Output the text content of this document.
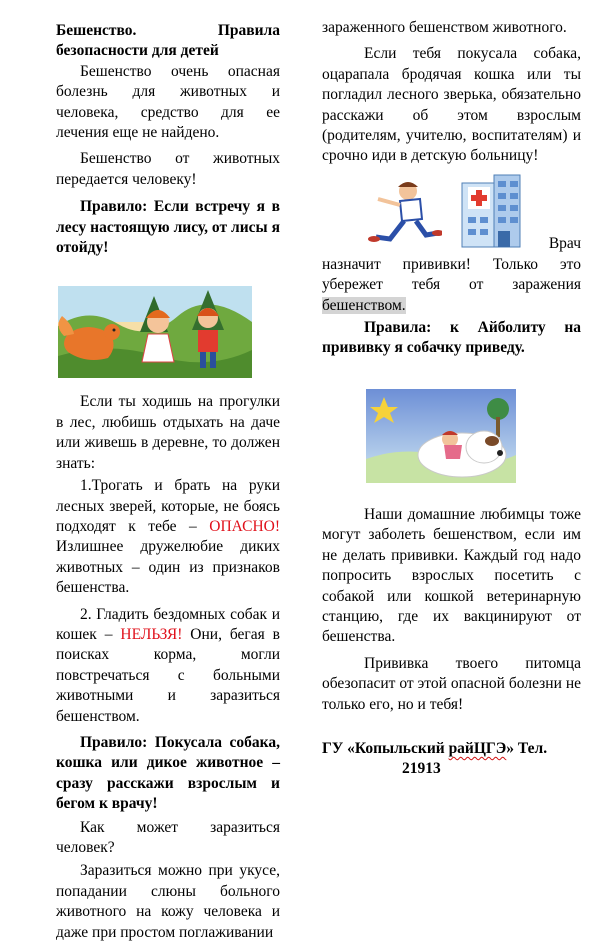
Бешенство.	Правила

безопасности для детей

Бешенство очень опасная болезнь для животных и человека, средство для ее лечения еще не найдено.

Бешенство от животных передается человеку!

Правило: Если встречу я в лесу настоящую лису, от лисы я отойду!

Если ты ходишь на прогулки в лес, любишь отдыхать на даче или живешь в деревне, то должен знать:

1.Трогать и брать на руки лесных зверей, которые, не боясь подходят к тебе – ОПАСНО! Излишнее дружелюбие диких животных – один из признаков бешенства.

2. Гладить бездомных собак и кошек – НЕЛЬЗЯ! Они, бегая в поисках корма, могли повстречаться с больными животными и заразиться бешенством.

Правило: Покусала собака, кошка или дикое животное – сразу расскажи взрослым и бегом к врачу!

Как может заразиться человек?

Заразиться можно при укусе, попадании слюны больного животного на кожу человека и даже при простом поглаживании

зараженного бешенством животного.

Если тебя покусала собака, оцарапала бродячая кошка или ты погладил лесного зверька, обязательно расскажи об этом взрослым (родителям, учителю, воспитателям) и срочно иди в детскую больницу!

Врач

назначит прививки! Только это убережет тебя от заражения бешенством.

Правила: к Айболиту на прививку я собачку приведу.

Наши домашние любимцы тоже могут заболеть бешенством, если им не делать прививки. Каждый год надо попросить взрослых посетить с собакой или кошкой ветеринарную станцию, где их вакцинируют от бешенства.

Прививка твоего питомца обезопасит от этой опасной болезни не только его, но и тебя!

ГУ «Копыльский райЦГЭ» Тел.

21913
